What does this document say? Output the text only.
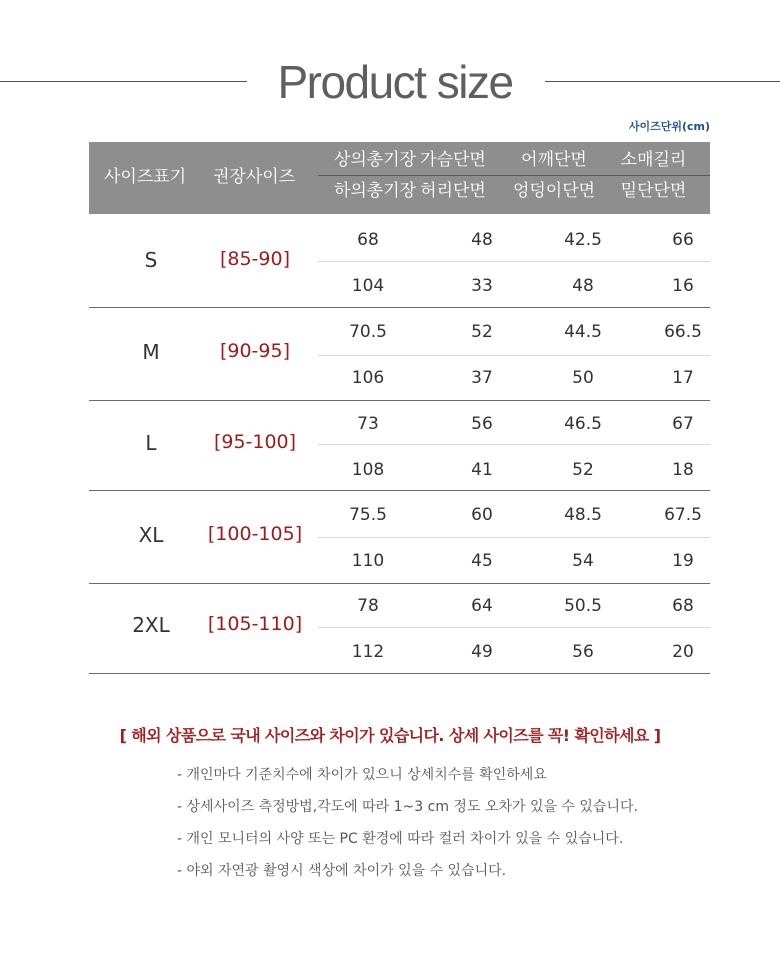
Product size
사이즈단위(cm)
사이즈표기 권장사이즈
상의총기장 가슴단면	어깨단면	소매길리
하의총기장 허리단면	엉덩이단면	밑단단면
S	[85-90]
68	48	42.5	66
104	33	48	16
M	[90-95]
70.5	52	44.5	66.5
106	37	50	17
L	[95-100]
73	56	46.5	67
108	41	52	18
XL	[100-105]
75.5	60	48.5	67.5
110	45	54	19
2XL	[105-110]
78	64	50.5	68
112	49	56	20
[ 해외 상품으로 국내 사이즈와 차이가 있습니다. 상세 사이즈를 꼭! 확인하세요 ]
- 개인마다 기준치수에 차이가 있으니 상세치수를 확인하세요
- 상세사이즈 측정방법,각도에 따라 1~3 cm 정도 오차가 있을 수 있습니다.
- 개인 모니터의 사양 또는 PC 환경에 따라 컬러 차이가 있을 수 있습니다.
- 야외 자연광 촬영시 색상에 차이가 있을 수 있습니다.
